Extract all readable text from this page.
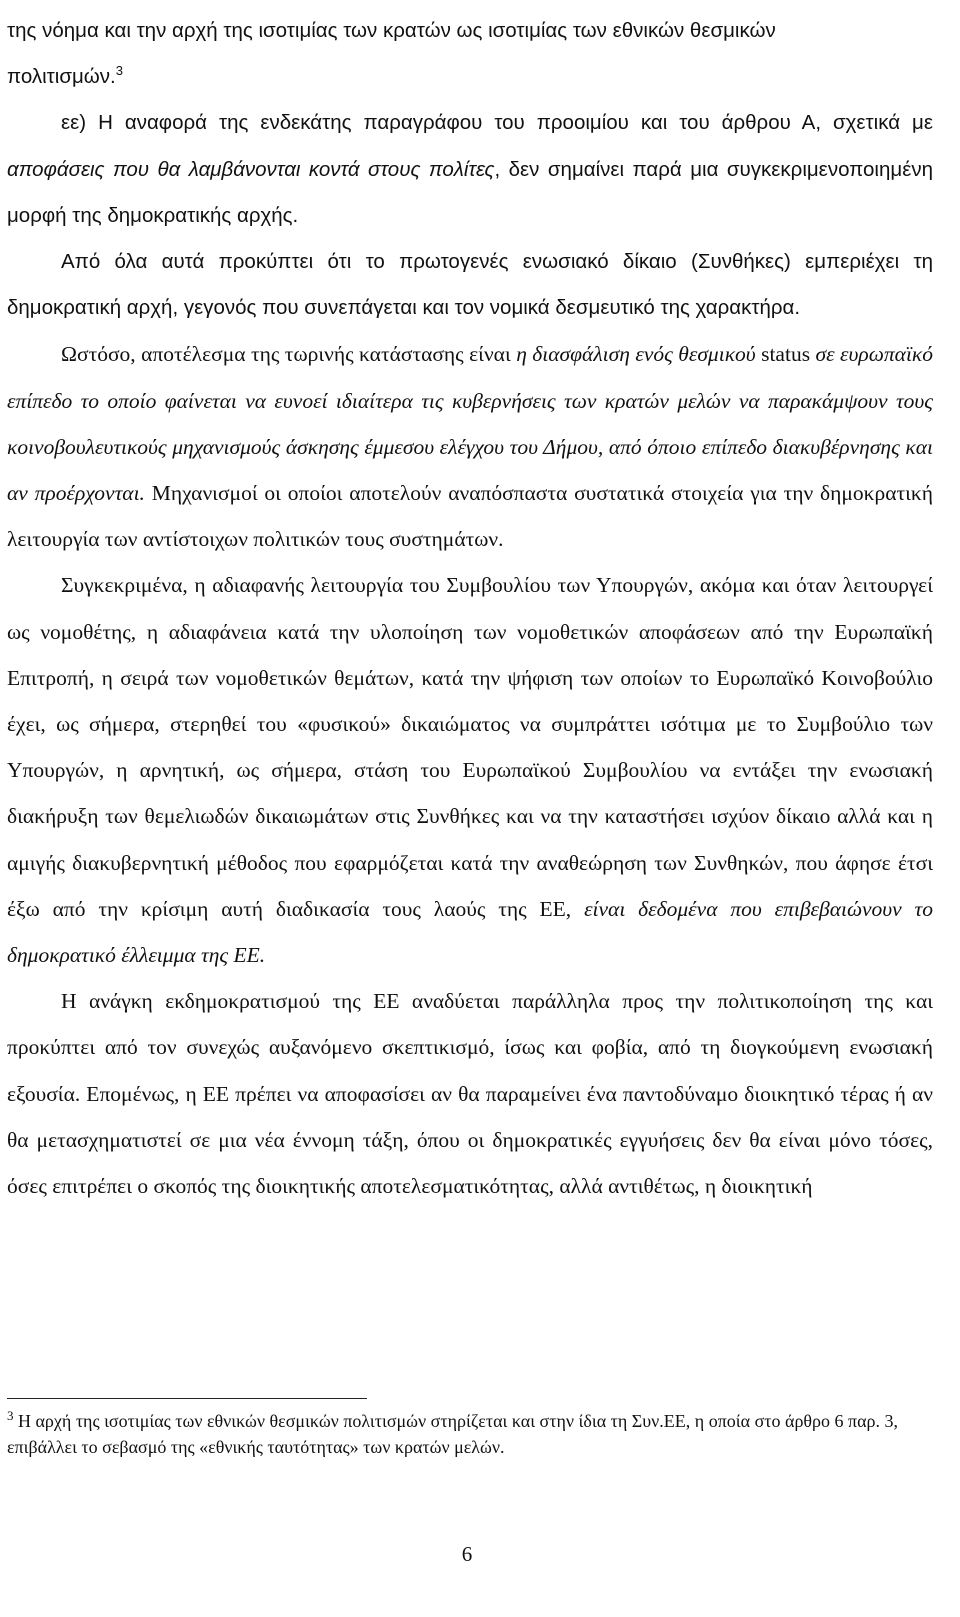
της νόημα και την αρχή της ισοτιμίας των κρατών ως ισοτιμίας των εθνικών θεσμικών
πολιτισμών.$^3$

εε) Η αναφορά της ενδεκάτης παραγράφου του προοιμίου και του άρθρου Α, σχετικά με αποφάσεις που θα λαμβάνονται κοντά στους πολίτες, δεν σημαίνει παρά μια συγκεκριμενοποιημένη μορφή της δημοκρατικής αρχής.

Από όλα αυτά προκύπτει ότι το πρωτογενές ενωσιακό δίκαιο (Συνθήκες) εμπεριέχει τη δημοκρατική αρχή, γεγονός που συνεπάγεται και τον νομικά δεσμευτικό της χαρακτήρα.

Ωστόσο, αποτέλεσμα της τωρινής κατάστασης είναι η διασφάλιση ενός θεσμικού status σε ευρωπαϊκό επίπεδο το οποίο φαίνεται να ευνοεί ιδιαίτερα τις κυβερνήσεις των κρατών μελών να παρακάμψουν τους κοινοβουλευτικούς μηχανισμούς άσκησης έμμεσου ελέγχου του Δήμου, από όποιο επίπεδο διακυβέρνησης και αν προέρχονται. Μηχανισμοί οι οποίοι αποτελούν αναπόσπαστα συστατικά στοιχεία για την δημοκρατική λειτουργία των αντίστοιχων πολιτικών τους συστημάτων.

Συγκεκριμένα, η αδιαφανής λειτουργία του Συμβουλίου των Υπουργών, ακόμα και όταν λειτουργεί ως νομοθέτης, η αδιαφάνεια κατά την υλοποίηση των νομοθετικών αποφάσεων από την Ευρωπαϊκή Επιτροπή, η σειρά των νομοθετικών θεμάτων, κατά την ψήφιση των οποίων το Ευρωπαϊκό Κοινοβούλιο έχει, ως σήμερα, στερηθεί του «φυσικού» δικαιώματος να συμπράττει ισότιμα με το Συμβούλιο των Υπουργών, η αρνητική, ως σήμερα, στάση του Ευρωπαϊκού Συμβουλίου να εντάξει την ενωσιακή διακήρυξη των θεμελιωδών δικαιωμάτων στις Συνθήκες και να την καταστήσει ισχύον δίκαιο αλλά και η αμιγής διακυβερνητική μέθοδος που εφαρμόζεται κατά την αναθεώρηση των Συνθηκών, που άφησε έτσι έξω από την κρίσιμη αυτή διαδικασία τους λαούς της ΕΕ, είναι δεδομένα που επιβεβαιώνουν το δημοκρατικό έλλειμμα της ΕΕ.

Η ανάγκη εκδημοκρατισμού της ΕΕ αναδύεται παράλληλα προς την πολιτικοποίηση της και προκύπτει από τον συνεχώς αυξανόμενο σκεπτικισμό, ίσως και φοβία, από τη διογκούμενη ενωσιακή εξουσία. Επομένως, η ΕΕ πρέπει να αποφασίσει αν θα παραμείνει ένα παντοδύναμο διοικητικό τέρας ή αν θα μετασχηματιστεί σε μια νέα έννομη τάξη, όπου οι δημοκρατικές εγγυήσεις δεν θα είναι μόνο τόσες, όσες επιτρέπει ο σκοπός της διοικητικής αποτελεσματικότητας, αλλά αντιθέτως, η διοικητική

$^3$ Η αρχή της ισοτιμίας των εθνικών θεσμικών πολιτισμών στηρίζεται και στην ίδια τη Συν.ΕΕ, η οποία στο άρθρο 6 παρ. 3, επιβάλλει το σεβασμό της «εθνικής ταυτότητας» των κρατών μελών.

6
